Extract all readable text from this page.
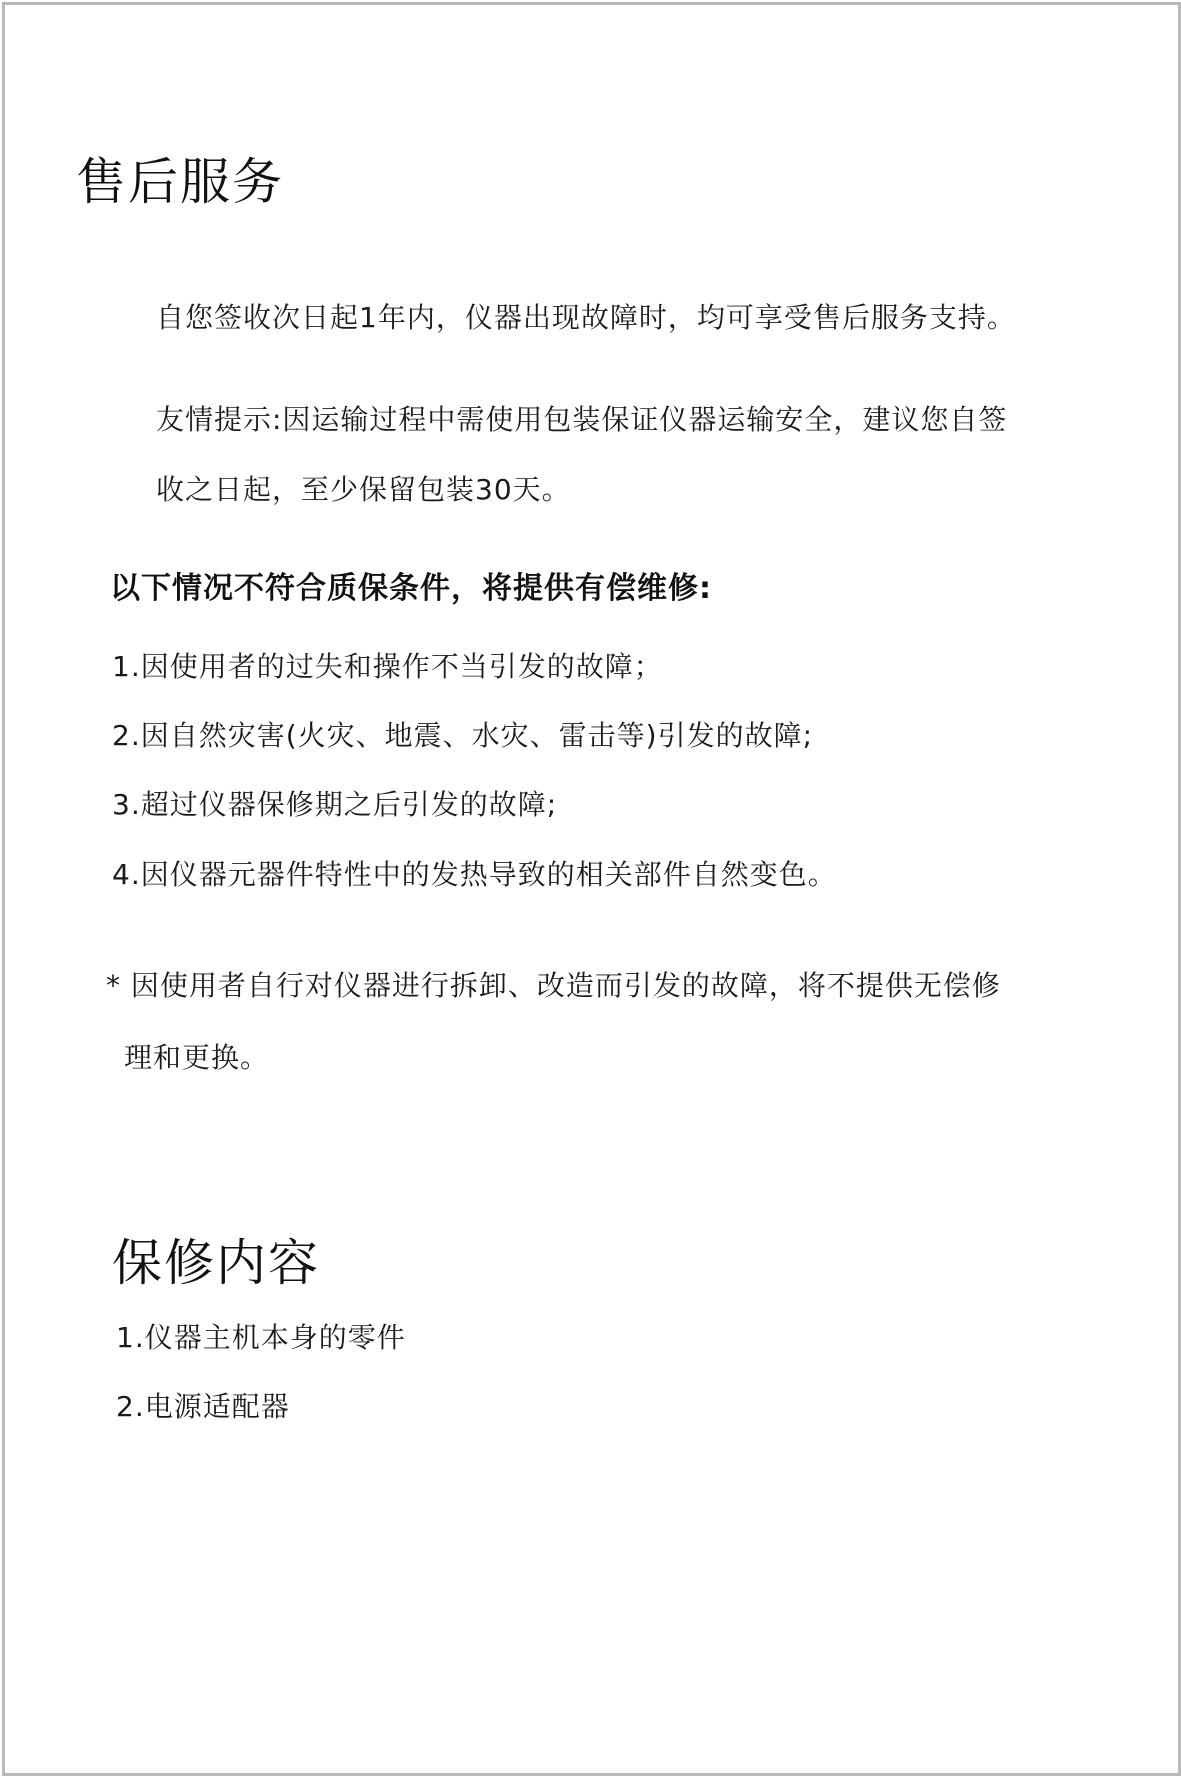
售后服务

自您签收次日起1年内，仪器出现故障时，均可享受售后服务支持。

友情提示:因运输过程中需使用包装保证仪器运输安全，建议您自签

收之日起，至少保留包装30天。

以下情况不符合质保条件，将提供有偿维修:

1.因使用者的过失和操作不当引发的故障；

2.因自然灾害(火灾、地震、水灾、雷击等)引发的故障;

3.超过仪器保修期之后引发的故障;

4.因仪器元器件特性中的发热导致的相关部件自然变色。

* 因使用者自行对仪器进行拆卸、改造而引发的故障，将不提供无偿修

理和更换。

保修内容

1.仪器主机本身的零件

2.电源适配器
